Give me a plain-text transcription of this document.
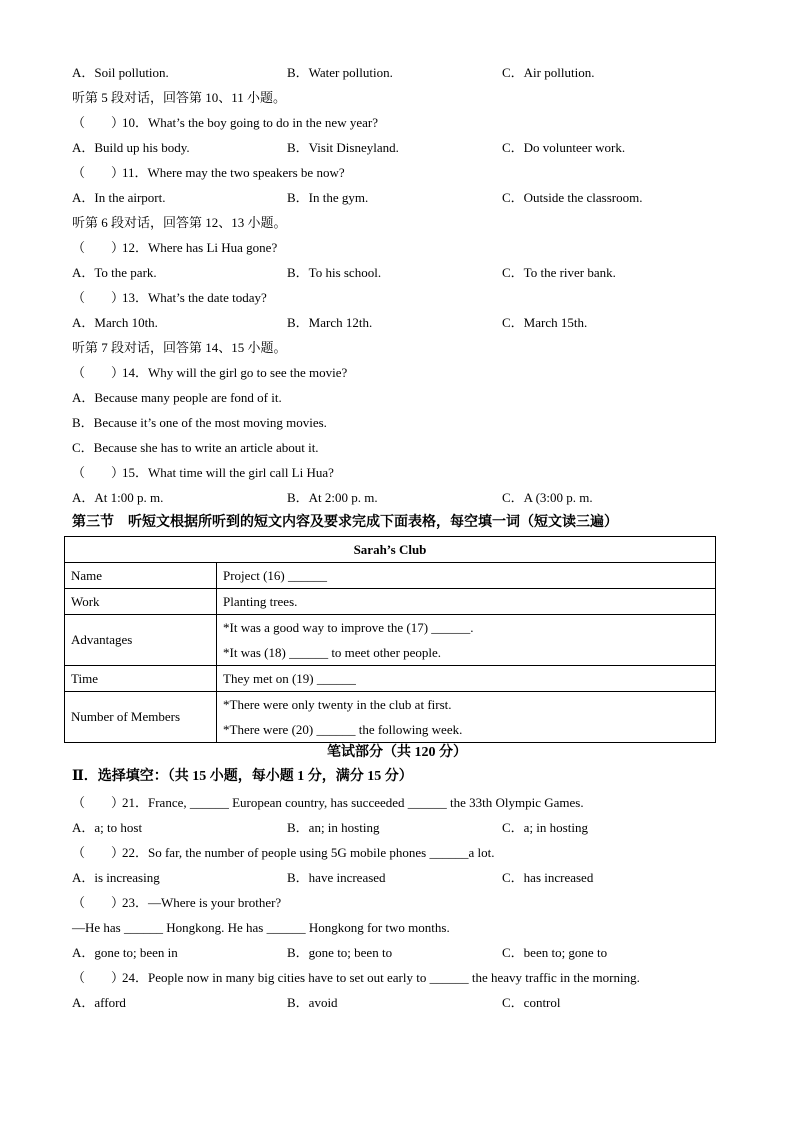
A．Soil pollution.	B．Water pollution.	C．Air pollution.
听第 5 段对话，回答第 10、11 小题。
（　　）10．What’s the boy going to do in the new year?
A．Build up his body.	B．Visit Disneyland.	C．Do volunteer work.
（　　）11．Where may the two speakers be now?
A．In the airport.	B．In the gym.	C．Outside the classroom.
听第 6 段对话，回答第 12、13 小题。
（　　）12．Where has Li Hua gone?
A．To the park.	B．To his school.	C．To the river bank.
（　　）13．What’s the date today?
A．March 10th.	B．March 12th.	C．March 15th.
听第 7 段对话，回答第 14、15 小题。
（　　）14．Why will the girl go to see the movie?
A．Because many people are fond of it.
B．Because it’s one of the most moving movies.
C．Because she has to write an article about it.
（　　）15．What time will the girl call Li Hua?
A．At 1:00 p. m.	B．At 2:00 p. m.	C．A (3:00 p. m.
第三节　听短文根据所听到的短文内容及要求完成下面表格，每空填一词（短文读三遍）
Sarah’s Club	
Name	Project (16) ______
Work	Planting trees.
Advantages	*It was a good way to improve the (17) ______.
*It was (18) ______ to meet other people.

Time	They met on (19) ______
Number of Members	*There were only twenty in the club at first.
*There were (20) ______ the following week.
笔试部分（共 120 分）
Ⅱ．选择填空：（共 15 小题，每小题 1 分，满分 15 分）
（　　）21．France, ______ European country, has succeeded ______ the 33th Olympic Games.
A．a; to host	B．an; in hosting	C．a; in hosting
（　　）22．So far, the number of people using 5G mobile phones ______a lot.
A．is increasing	B．have increased	C．has increased
（　　）23．—Where is your brother?
—He has ______ Hongkong. He has ______ Hongkong for two months.
A．gone to; been in	B．gone to; been to	C．been to; gone to
（　　）24．People now in many big cities have to set out early to ______ the heavy traffic in the morning.
A．afford	B．avoid	C．control
